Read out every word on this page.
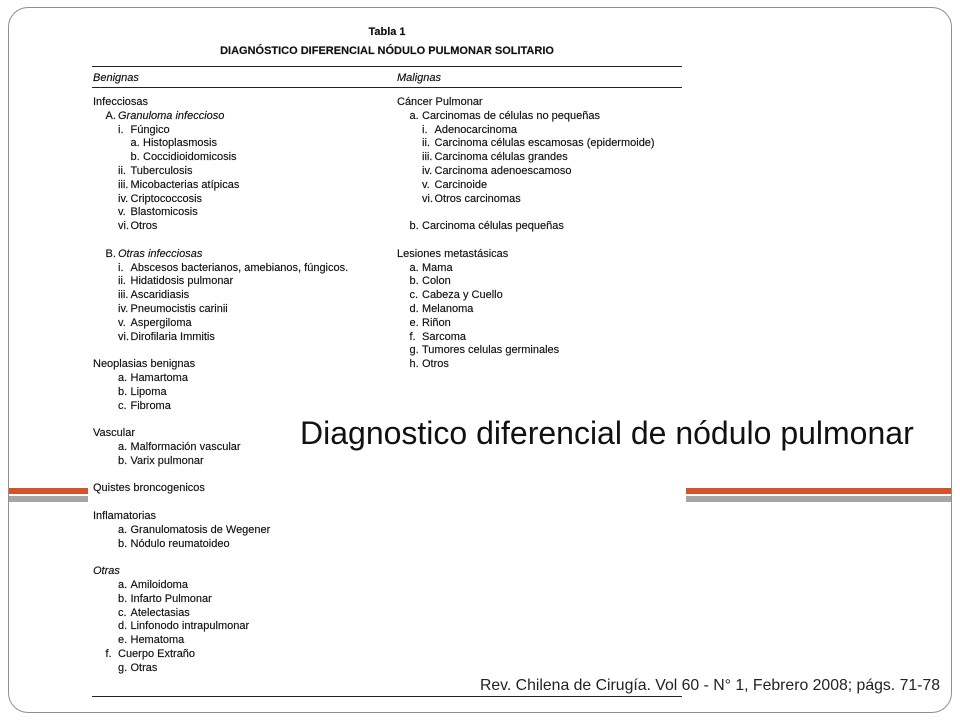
Tabla 1
DIAGNÓSTICO DIFERENCIAL NÓDULO PULMONAR SOLITARIO
Benignas	Malignas
Infecciosas
A. Granuloma infeccioso
i. Fúngico
a. Histoplasmosis
b. Coccidioidomicosis
ii. Tuberculosis
iii. Micobacterias atípicas
iv. Criptococcosis
v. Blastomicosis
vi. Otros
B. Otras infecciosas
i. Abscesos bacterianos, amebianos, fúngicos.
ii. Hidatidosis pulmonar
iii. Ascaridiasis
iv. Pneumocistis carinii
v. Aspergiloma
vi. Dirofilaria Immitis
Neoplasias benignas
a. Hamartoma
b. Lipoma
c. Fibroma
Vascular
a. Malformación vascular
b. Varix pulmonar
Quistes broncogenicos
Inflamatorias
a. Granulomatosis de Wegener
b. Nódulo reumatoideo
Otras
a. Amiloidoma
b. Infarto Pulmonar
c. Atelectasias
d. Linfonodo intrapulmonar
e. Hematoma
f. Cuerpo Extraño
g. Otras
Cáncer Pulmonar
a. Carcinomas de células no pequeñas
i. Adenocarcinoma
ii. Carcinoma células escamosas (epidermoide)
iii. Carcinoma células grandes
iv. Carcinoma adenoescamoso
v. Carcinoide
vi. Otros carcinomas
b. Carcinoma células pequeñas
Lesiones metastásicas
a. Mama
b. Colon
c. Cabeza y Cuello
d. Melanoma
e. Riñon
f. Sarcoma
g. Tumores celulas germinales
h. Otros
Diagnostico diferencial de nódulo pulmonar
Rev. Chilena de Cirugía. Vol 60 - N° 1, Febrero 2008; págs. 71-78
